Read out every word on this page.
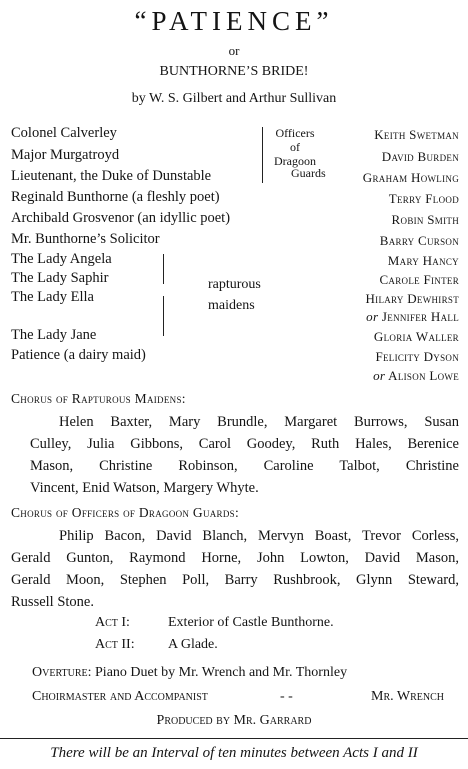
“PATIENCE”
or
BUNTHORNE’S BRIDE!
by W. S. Gilbert and Arthur Sullivan
Colonel Calverley	Keith Swetman
Major Murgatroyd	David Burden
Lieutenant, the Duke of Dunstable	Graham Howling
Reginald Bunthorne (a fleshly poet)	Terry Flood
Archibald Grosvenor (an idyllic poet)	Robin Smith
Mr. Bunthorne’s Solicitor	Barry Curson
The Lady Angela	Mary Hancy
The Lady Saphir	Carole Finter
The Lady Ella	Hilary Dewhirst
or Jennifer Hall
The Lady Jane	Gloria Waller
Patience (a dairy maid)	Felicity Dyson
or Alison Lowe
Officers
of
Dragoon
Guards
rapturous
maidens
Chorus of Rapturous Maidens:
Helen Baxter, Mary Brundle, Margaret Burrows, Susan
Culley, Julia Gibbons, Carol Goodey, Ruth Hales, Berenice
Mason, Christine Robinson, Caroline Talbot, Christine
Vincent, Enid Watson, Margery Whyte.
Chorus of Officers of Dragoon Guards:
Philip Bacon, David Blanch, Mervyn Boast, Trevor Corless,
Gerald Gunton, Raymond Horne, John Lowton, David Mason,
Gerald Moon, Stephen Poll, Barry Rushbrook, Glynn Steward,
Russell Stone.
Act I:	Exterior of Castle Bunthorne.
Act II: A Glade.
Overture: Piano Duet by Mr. Wrench and Mr. Thornley
Choirmaster and Accompanist	- -	Mr. Wrench
Produced by Mr. Garrard
There will be an Interval of ten minutes between Acts I and II
